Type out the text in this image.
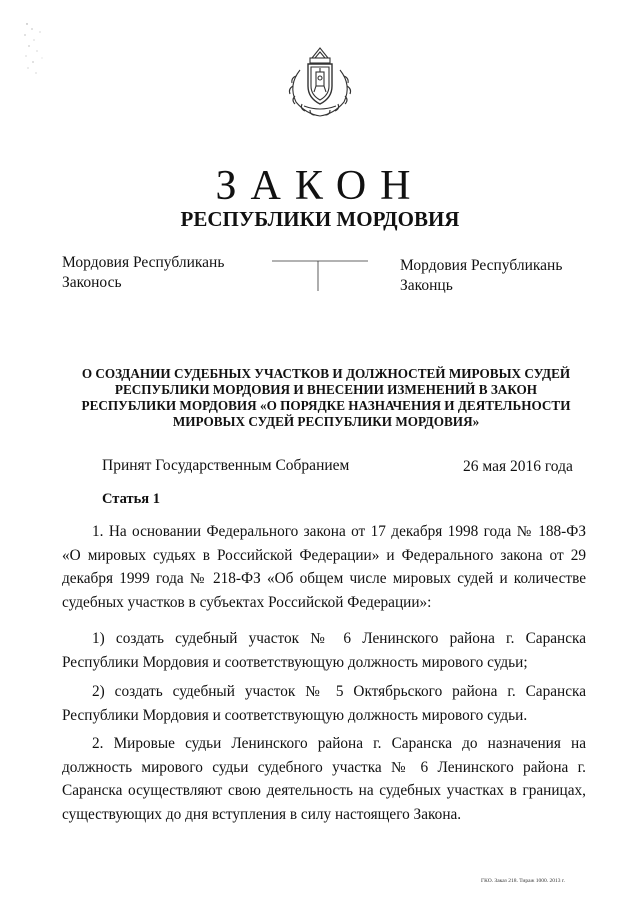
ЗАКОН
РЕСПУБЛИКИ МОРДОВИЯ
Мордовия Республикань
Законось
Мордовия Республикань
Законць
О СОЗДАНИИ СУДЕБНЫХ УЧАСТКОВ И ДОЛЖНОСТЕЙ МИРОВЫХ СУДЕЙ РЕСПУБЛИКИ МОРДОВИЯ И ВНЕСЕНИИ ИЗМЕНЕНИЙ В ЗАКОН РЕСПУБЛИКИ МОРДОВИЯ «О ПОРЯДКЕ НАЗНАЧЕНИЯ И ДЕЯТЕЛЬНОСТИ МИРОВЫХ СУДЕЙ РЕСПУБЛИКИ МОРДОВИЯ»
Принят Государственным Собранием	26 мая 2016 года
Статья 1
1. На основании Федерального закона от 17 декабря 1998 года № 188-ФЗ «О мировых судьях в Российской Федерации» и Федерального закона от 29 декабря 1999 года № 218-ФЗ «Об общем числе мировых судей и количестве судебных участков в субъектах Российской Федерации»:
1) создать судебный участок № 6 Ленинского района г. Саранска Республики Мордовия и соответствующую должность мирового судьи;
2) создать судебный участок № 5 Октябрьского района г. Саранска Республики Мордовия и соответствующую должность мирового судьи.
2. Мировые судьи Ленинского района г. Саранска до назначения на должность мирового судьи судебного участка № 6 Ленинского района г. Саранска осуществляют свою деятельность на судебных участках в границах, существующих до дня вступления в силу настоящего Закона.
ГКО. Заказ 218. Тираж 1000. 2013 г.
